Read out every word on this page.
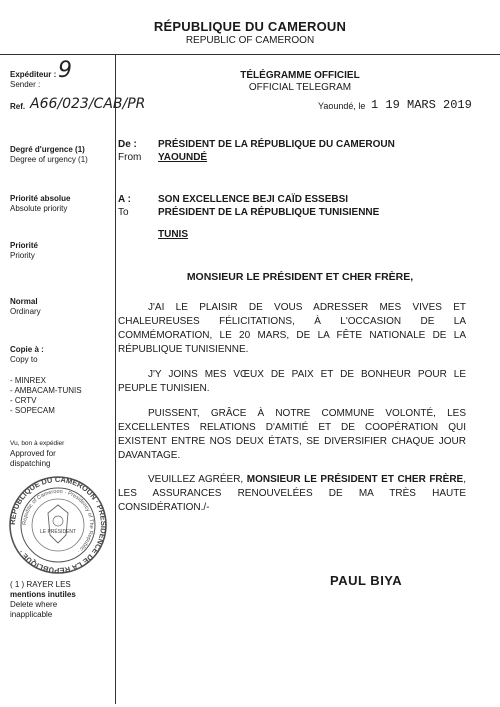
RÉPUBLIQUE DU CAMEROUN
REPUBLIC OF CAMEROON
Expéditeur :
Sender :
9
Ref. A66/023/CAB/PR
Degré d'urgence (1)
Degree of urgency (1)
Priorité absolue
Absolute priority
Priorité
Priority
Normal
Ordinary
Copie à :
Copy to
- MINREX
- AMBACAM-TUNIS
- CRTV
- SOPECAM
Vu, bon à expédier
Approved for
dispatching
REPUBLIQUE DU CAMEROUN · PRESIDENCE DE LA REPUBLIQUE ·
Republic of Cameroon · Presidency of The Republic ·
LE PRÉSIDENT
( 1 ) RAYER LES
mentions inutiles
Delete where
inapplicable
TÉLÉGRAMME OFFICIEL
OFFICIAL TELEGRAM
Yaoundé, le 1 19 MARS 2019
De :
From
PRÉSIDENT DE LA RÉPUBLIQUE DU CAMEROUN
YAOUNDÉ
A :
To
SON EXCELLENCE BEJI CAÏD ESSEBSI
PRÉSIDENT DE LA RÉPUBLIQUE TUNISIENNE
TUNIS
MONSIEUR LE PRÉSIDENT ET CHER FRÈRE,
J'AI LE PLAISIR DE VOUS ADRESSER MES VIVES ET CHALEUREUSES FÉLICITATIONS, À L'OCCASION DE LA COMMÉMORATION, LE 20 MARS, DE LA FÊTE NATIONALE DE LA RÉPUBLIQUE TUNISIENNE.
J'Y JOINS MES VŒUX DE PAIX ET DE BONHEUR POUR LE PEUPLE TUNISIEN.
PUISSENT, GRÂCE À NOTRE COMMUNE VOLONTÉ, LES EXCELLENTES RELATIONS D'AMITIÉ ET DE COOPÉRATION QUI EXISTENT ENTRE NOS DEUX ÉTATS, SE DIVERSIFIER CHAQUE JOUR DAVANTAGE.
VEUILLEZ AGRÉER, MONSIEUR LE PRÉSIDENT ET CHER FRÈRE, LES ASSURANCES RENOUVELÉES DE MA TRÈS HAUTE CONSIDÉRATION./-
PAUL BIYA
